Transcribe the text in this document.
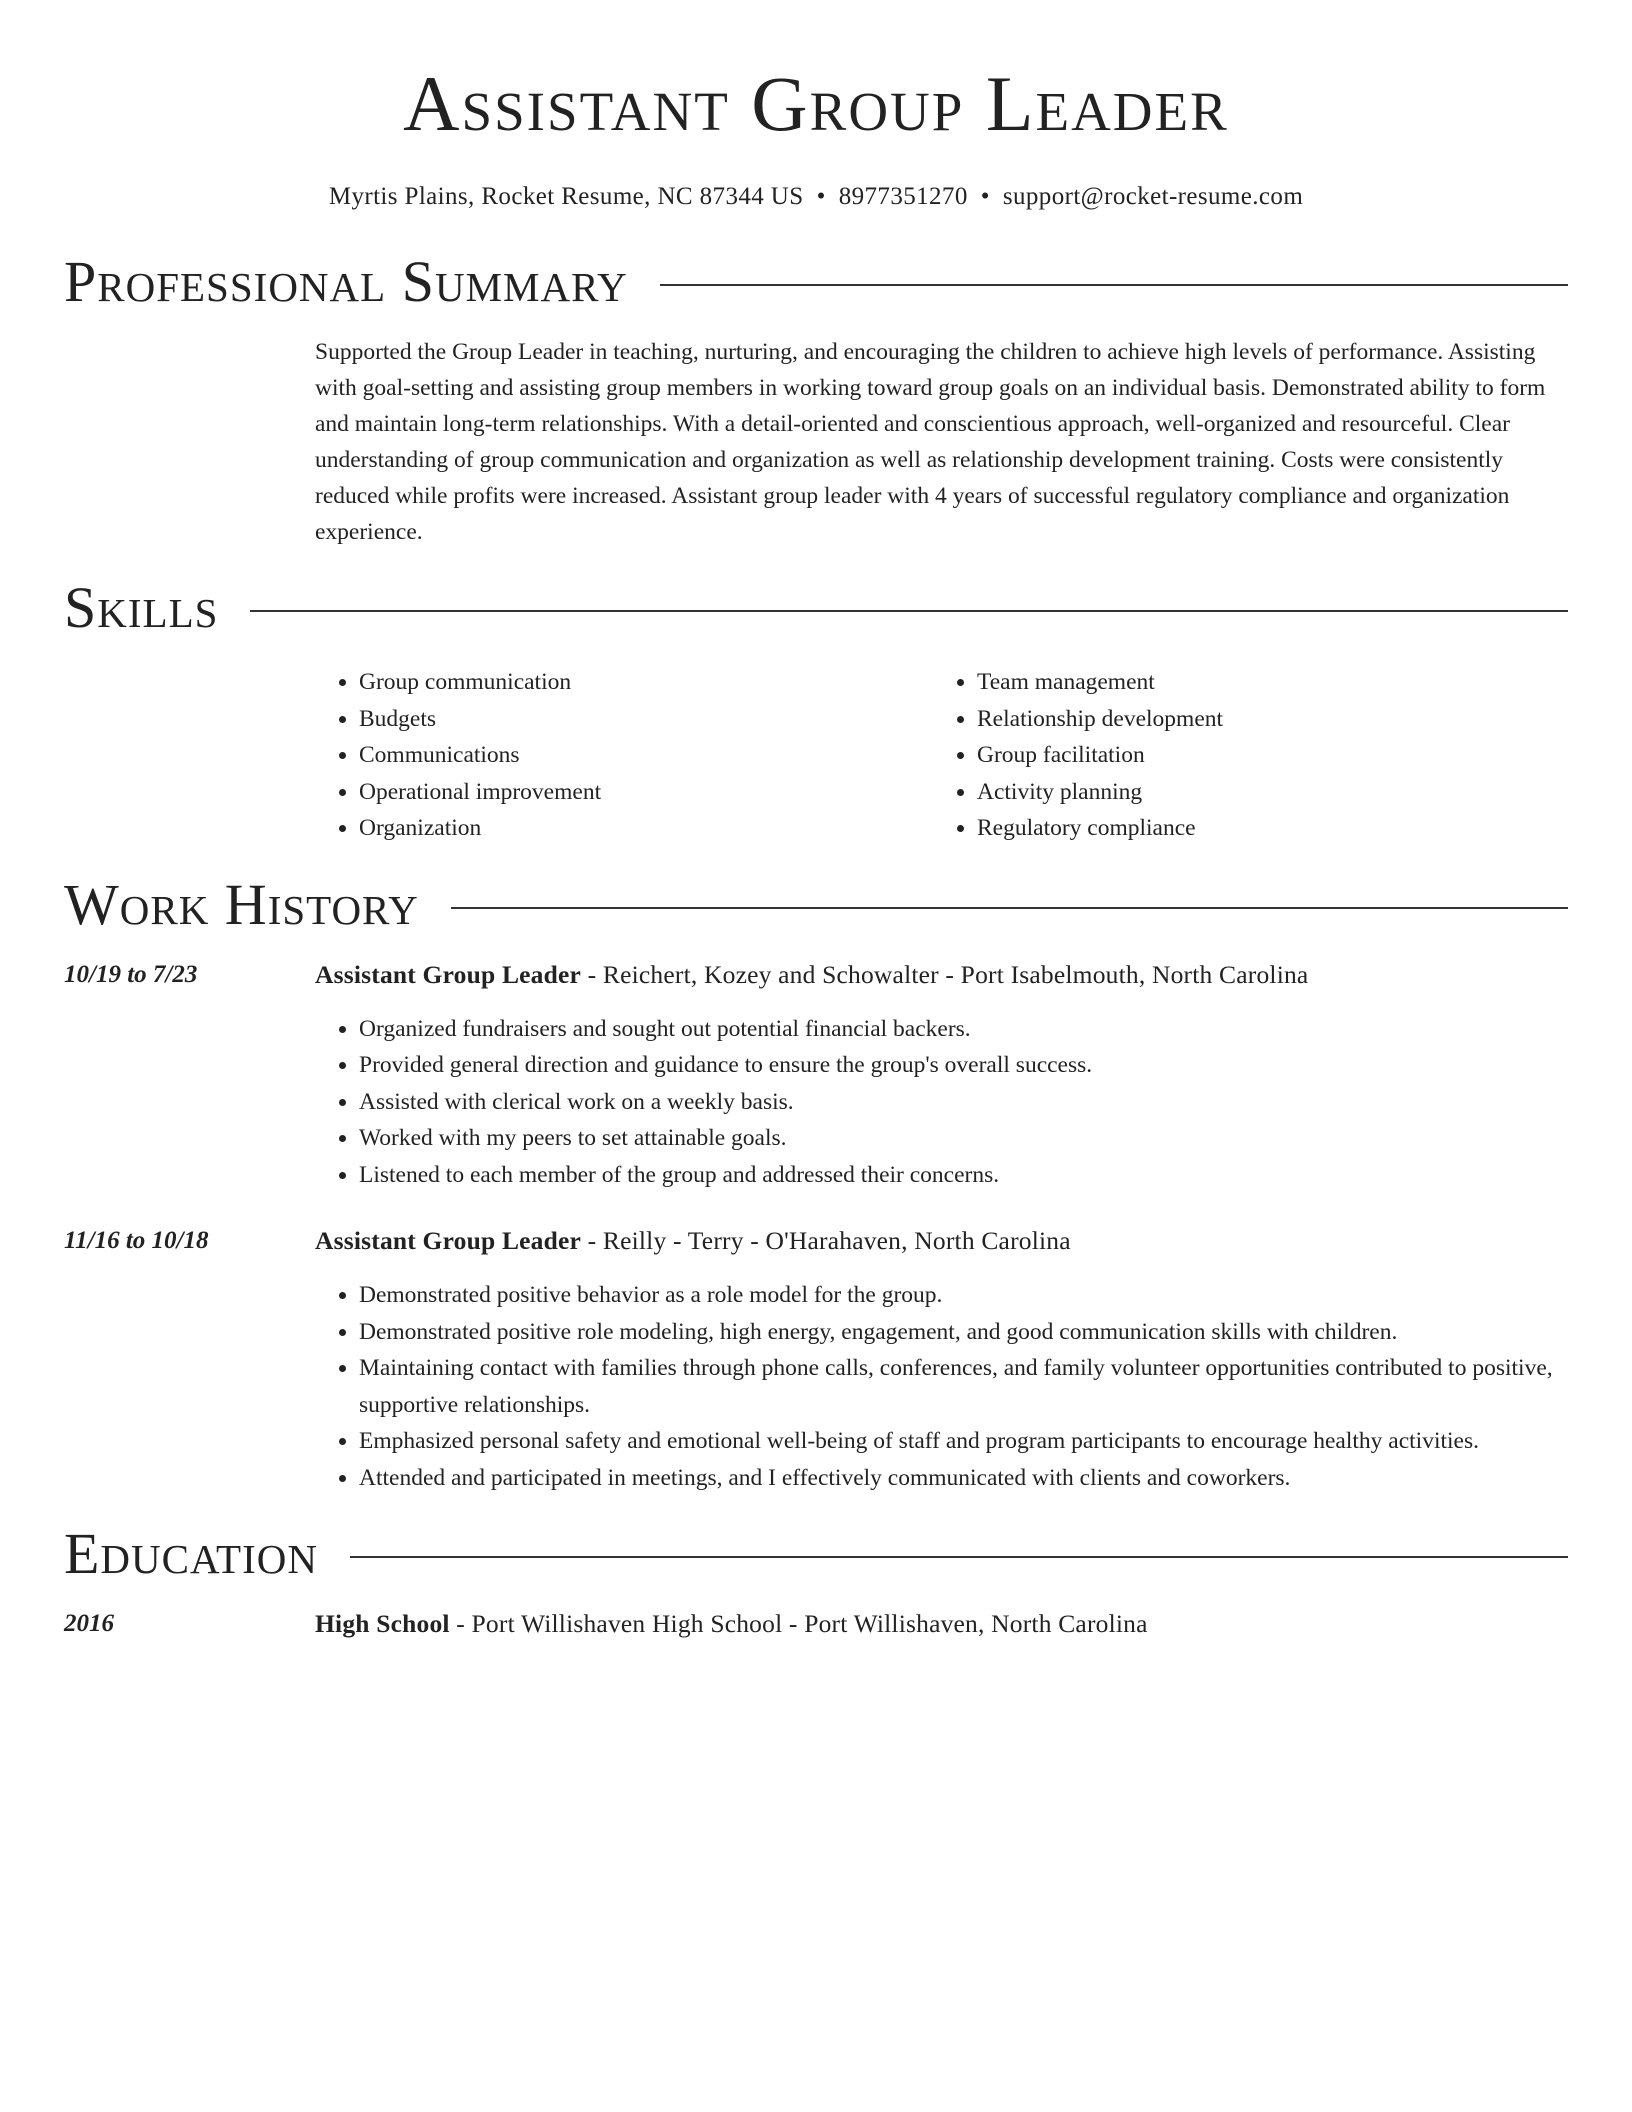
Assistant Group Leader
Myrtis Plains, Rocket Resume, NC 87344 US • 8977351270 • support@rocket-resume.com
Professional Summary
Supported the Group Leader in teaching, nurturing, and encouraging the children to achieve high levels of performance. Assisting with goal-setting and assisting group members in working toward group goals on an individual basis. Demonstrated ability to form and maintain long-term relationships. With a detail-oriented and conscientious approach, well-organized and resourceful. Clear understanding of group communication and organization as well as relationship development training. Costs were consistently reduced while profits were increased. Assistant group leader with 4 years of successful regulatory compliance and organization experience.
Skills
• Group communication
• Budgets
• Communications
• Operational improvement
• Organization
• Team management
• Relationship development
• Group facilitation
• Activity planning
• Regulatory compliance
Work History
10/19 to 7/23	Assistant Group Leader - Reichert, Kozey and Schowalter - Port Isabelmouth, North Carolina
• Organized fundraisers and sought out potential financial backers.
• Provided general direction and guidance to ensure the group's overall success.
• Assisted with clerical work on a weekly basis.
• Worked with my peers to set attainable goals.
• Listened to each member of the group and addressed their concerns.
11/16 to 10/18	Assistant Group Leader - Reilly - Terry - O'Harahaven, North Carolina
• Demonstrated positive behavior as a role model for the group.
• Demonstrated positive role modeling, high energy, engagement, and good communication skills with children.
• Maintaining contact with families through phone calls, conferences, and family volunteer opportunities contributed to positive, supportive relationships.
• Emphasized personal safety and emotional well-being of staff and program participants to encourage healthy activities.
• Attended and participated in meetings, and I effectively communicated with clients and coworkers.
Education
2016	High School - Port Willishaven High School - Port Willishaven, North Carolina
